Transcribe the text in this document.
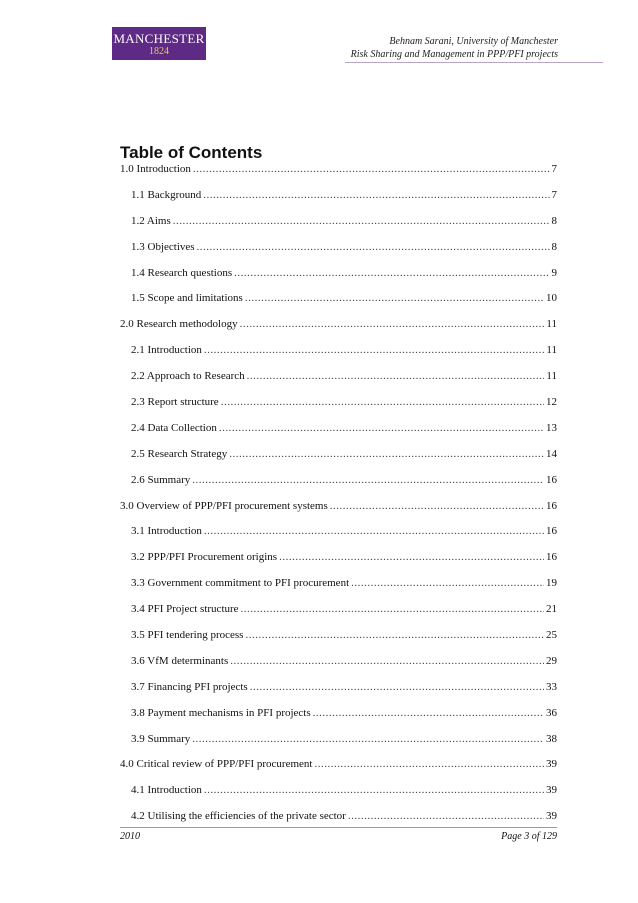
MANCHESTER
1824
Behnam Sarani, University of Manchester
Risk Sharing and Management in PPP/PFI projects
Table of Contents
1.0 Introduction .....	7
1.1 Background .....	7
1.2 Aims .....	8
1.3 Objectives .....	8
1.4 Research questions .....	9
1.5 Scope and limitations .....	10
2.0 Research methodology .....	11
2.1 Introduction .....	11
2.2 Approach to Research .....	11
2.3 Report structure .....	12
2.4 Data Collection .....	13
2.5 Research Strategy .....	14
2.6 Summary .....	16
3.0 Overview of PPP/PFI procurement systems .....	16
3.1 Introduction .....	16
3.2 PPP/PFI Procurement origins .....	16
3.3 Government commitment to PFI procurement .....	19
3.4 PFI Project structure .....	21
3.5 PFI tendering process .....	25
3.6 VfM determinants .....	29
3.7 Financing PFI projects .....	33
3.8 Payment mechanisms in PFI projects .....	36
3.9 Summary .....	38
4.0 Critical review of PPP/PFI procurement .....	39
4.1 Introduction .....	39
4.2 Utilising the efficiencies of the private sector .....	39
2010	Page 3 of 129
